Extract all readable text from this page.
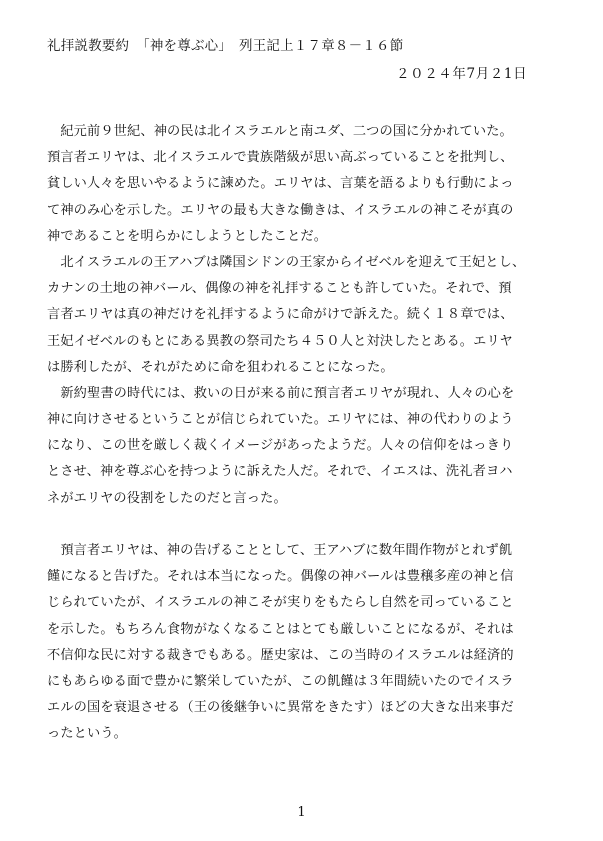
礼拝説教要約　「神を尊ぶ心」　列王記上１７章８－１６節
２０２４年7月２1日
　紀元前９世紀、神の民は北イスラエルと南ユダ、二つの国に分かれていた。
預言者エリヤは、北イスラエルで貴族階級が思い高ぶっていることを批判し、
貧しい人々を思いやるように諫めた。エリヤは、言葉を語るよりも行動によっ
て神のみ心を示した。エリヤの最も大きな働きは、イスラエルの神こそが真の
神であることを明らかにしようとしたことだ。
　北イスラエルの王アハブは隣国シドンの王家からイゼベルを迎えて王妃とし、
カナンの土地の神バール、偶像の神を礼拝することも許していた。それで、預
言者エリヤは真の神だけを礼拝するように命がけで訴えた。続く１８章では、
王妃イゼベルのもとにある異教の祭司たち４５０人と対決したとある。エリヤ
は勝利したが、それがために命を狙われることになった。
　新約聖書の時代には、救いの日が来る前に預言者エリヤが現れ、人々の心を
神に向けさせるということが信じられていた。エリヤには、神の代わりのよう
になり、この世を厳しく裁くイメージがあったようだ。人々の信仰をはっきり
とさせ、神を尊ぶ心を持つように訴えた人だ。それで、イエスは、洗礼者ヨハ
ネがエリヤの役割をしたのだと言った。
　預言者エリヤは、神の告げることとして、王アハブに数年間作物がとれず飢
饉になると告げた。それは本当になった。偶像の神バールは豊穣多産の神と信
じられていたが、イスラエルの神こそが実りをもたらし自然を司っていること
を示した。もちろん食物がなくなることはとても厳しいことになるが、それは
不信仰な民に対する裁きでもある。歴史家は、この当時のイスラエルは経済的
にもあらゆる面で豊かに繁栄していたが、この飢饉は３年間続いたのでイスラ
エルの国を衰退させる（王の後継争いに異常をきたす）ほどの大きな出来事だ
ったという。
1
